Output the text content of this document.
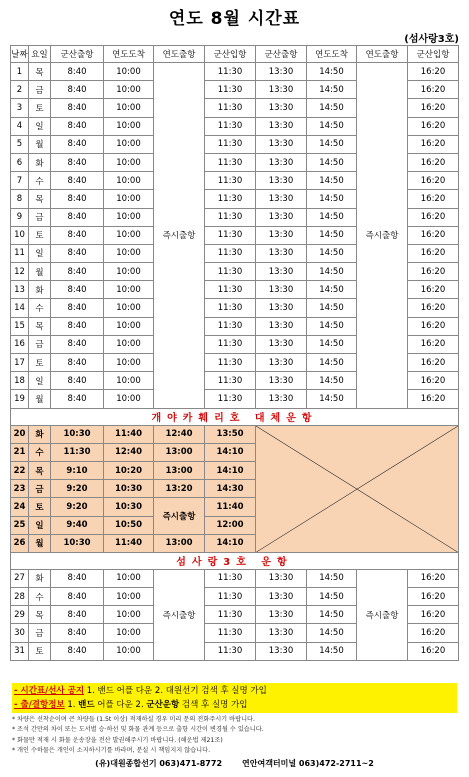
연도 8월 시간표
(섬사랑3호)
날짜	요일	군산출항	연도도착	연도출항	군산입항	군산출항	연도도착	연도출항	군산입항
1	목	8:40	10:00	즉시출항	11:30	13:30	14:50	즉시출항	16:20
2	금	8:40	10:00		11:30	13:30	14:50		16:20
3	토	8:40	10:00		11:30	13:30	14:50		16:20
4	일	8:40	10:00		11:30	13:30	14:50		16:20
5	월	8:40	10:00		11:30	13:30	14:50		16:20
6	화	8:40	10:00		11:30	13:30	14:50		16:20
7	수	8:40	10:00		11:30	13:30	14:50		16:20
8	목	8:40	10:00		11:30	13:30	14:50		16:20
9	금	8:40	10:00		11:30	13:30	14:50		16:20
10	토	8:40	10:00		11:30	13:30	14:50		16:20
11	일	8:40	10:00		11:30	13:30	14:50		16:20
12	월	8:40	10:00		11:30	13:30	14:50		16:20
13	화	8:40	10:00		11:30	13:30	14:50		16:20
14	수	8:40	10:00		11:30	13:30	14:50		16:20
15	목	8:40	10:00		11:30	13:30	14:50		16:20
16	금	8:40	10:00		11:30	13:30	14:50		16:20
17	토	8:40	10:00		11:30	13:30	14:50		16:20
18	일	8:40	10:00		11:30	13:30	14:50		16:20
19	월	8:40	10:00		11:30	13:30	14:50		16:20
개야카훼리호 대체운항									
20	화	10:30	11:40	12:40	13:50	

21	수	11:30	12:40	13:00	14:10				
22	목	9:10	10:20	13:00	14:10				
23	금	9:20	10:30	13:20	14:30				
24	토	9:20	10:30	즉시출항	11:40				
25	일	9:40	10:50		12:00				
26	월	10:30	11:40	13:00	14:10				
섬사랑3호 운항									
27	화	8:40	10:00	즉시출항	11:30	13:30	14:50	즉시출항	16:20
28	수	8:40	10:00		11:30	13:30	14:50		16:20
29	목	8:40	10:00		11:30	13:30	14:50		16:20
30	금	8:40	10:00		11:30	13:30	14:50		16:20
31	토	8:40	10:00		11:30	13:30	14:50		16:20
- 시간표/선사 공지 1. 밴드 어플 다운 2. 대원선기 검색 후 실명 가입
- 출/결항정보 1. 밴드 어플 다운 2. 군산운항 검색 후 실명 가입
* 차량은 선착순이며 큰 차량들 (1.5t 이상) 적재하실 경우 미리 문의 전화주시기 바랍니다.
* 조석 간만의 차이 또는 도서별 승·하선 및 화물 관계 등으로 출항 시간이 변경될 수 있습니다.
* 화물만 적재 시 화물 운송장을 전산 발권해주시기 바랍니다. (해운법 제21조)
* 개인 수하물은 개인이 소지하시기를 바라며, 분실 시 책임지지 않습니다.
(유)대원종합선기 063)471-8772	연안여객터미널 063)472-2711~2
